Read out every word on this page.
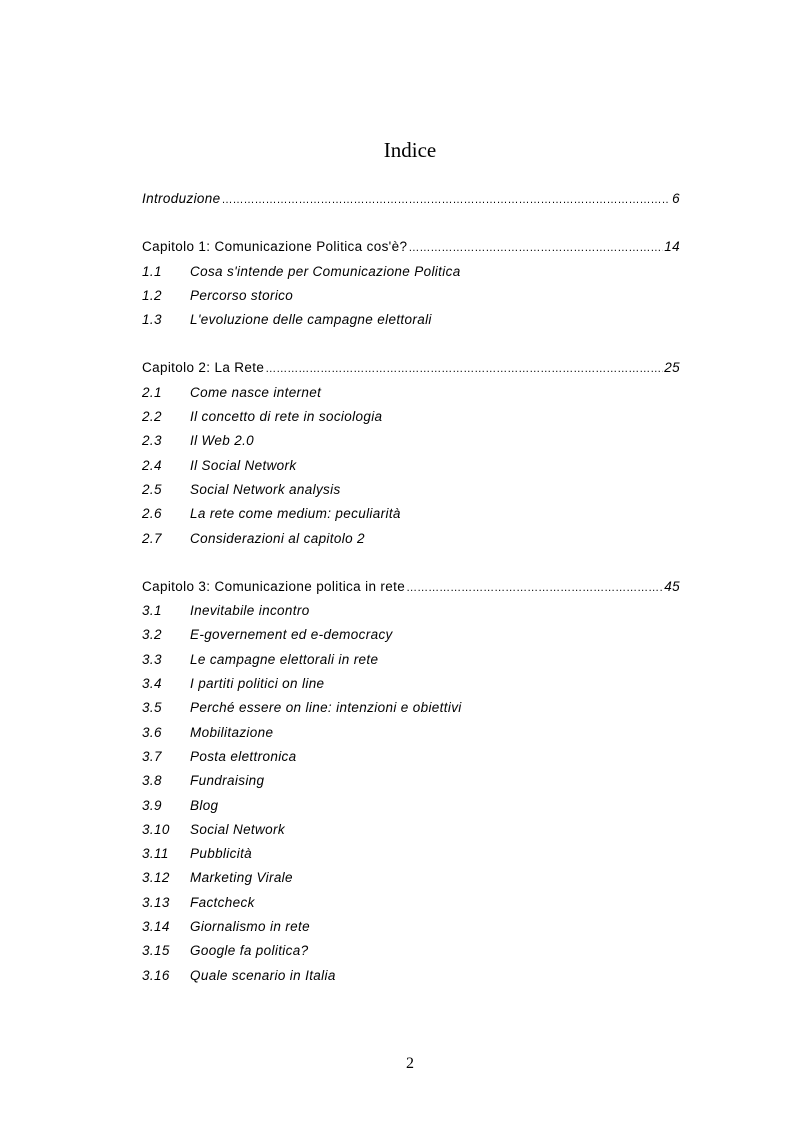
Indice
Introduzione …………………………………………………………………………………………………………………………………………………………………………………………………………	6
Capitolo 1: Comunicazione Politica cos'è? …………………………………………………………………………………………………………………………………………………………………………………………………………	14
1.1	Cosa s'intende per Comunicazione Politica
1.2	Percorso storico
1.3	L'evoluzione delle campagne elettorali
Capitolo 2: La Rete …………………………………………………………………………………………………………………………………………………………………………………………………………	25
2.1	Come nasce internet
2.2	Il concetto di rete in sociologia
2.3	Il Web 2.0
2.4	Il Social Network
2.5	Social Network analysis
2.6	La rete come medium: peculiarità
2.7	Considerazioni al capitolo 2
Capitolo 3: Comunicazione politica in rete …………………………………………………………………………………………………………………………………………………………………………………………………………	45
3.1	Inevitabile incontro
3.2	E-governement ed e-democracy
3.3	Le campagne elettorali in rete
3.4	I partiti politici on line
3.5	Perché essere on line: intenzioni e obiettivi
3.6	Mobilitazione
3.7	Posta elettronica
3.8	Fundraising
3.9	Blog
3.10	Social Network
3.11	Pubblicità
3.12	Marketing Virale
3.13	Factcheck
3.14	Giornalismo in rete
3.15	Google fa politica?
3.16	Quale scenario in Italia
2
